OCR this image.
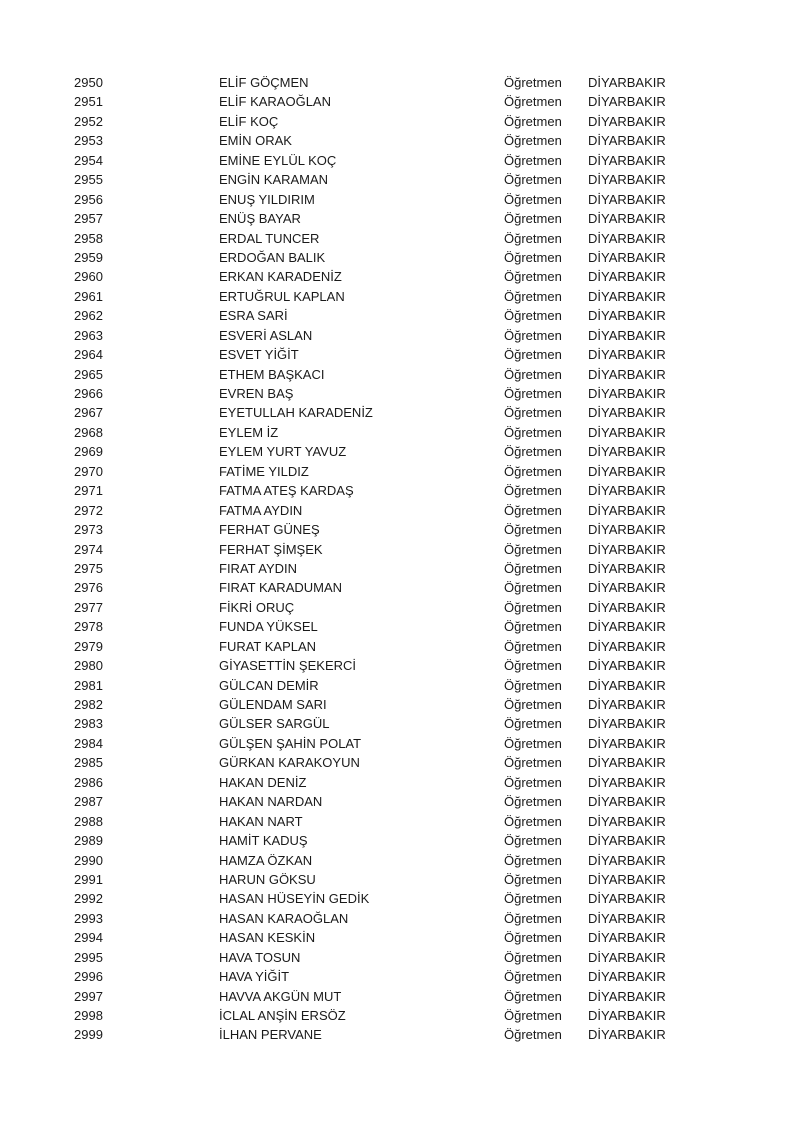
2950	ELİF GÖÇMEN	Öğretmen DİYARBAKIR
2951	ELİF KARAOĞLAN	Öğretmen DİYARBAKIR
2952	ELİF KOÇ	Öğretmen DİYARBAKIR
2953	EMİN ORAK	Öğretmen DİYARBAKIR
2954	EMİNE EYLÜL KOÇ	Öğretmen DİYARBAKIR
2955	ENGİN KARAMAN	Öğretmen DİYARBAKIR
2956	ENUŞ YILDIRIM	Öğretmen DİYARBAKIR
2957	ENÜŞ BAYAR	Öğretmen DİYARBAKIR
2958	ERDAL TUNCER	Öğretmen DİYARBAKIR
2959	ERDOĞAN BALIK	Öğretmen DİYARBAKIR
2960	ERKAN KARADENİZ	Öğretmen DİYARBAKIR
2961	ERTUĞRUL KAPLAN	Öğretmen DİYARBAKIR
2962	ESRA SARİ	Öğretmen DİYARBAKIR
2963	ESVERİ ASLAN	Öğretmen DİYARBAKIR
2964	ESVET YİĞİT	Öğretmen DİYARBAKIR
2965	ETHEM BAŞKACI	Öğretmen DİYARBAKIR
2966	EVREN BAŞ	Öğretmen DİYARBAKIR
2967	EYETULLAH KARADENİZ	Öğretmen DİYARBAKIR
2968	EYLEM İZ	Öğretmen DİYARBAKIR
2969	EYLEM YURT YAVUZ	Öğretmen DİYARBAKIR
2970	FATİME YILDIZ	Öğretmen DİYARBAKIR
2971	FATMA ATEŞ KARDAŞ	Öğretmen DİYARBAKIR
2972	FATMA AYDIN	Öğretmen DİYARBAKIR
2973	FERHAT GÜNEŞ	Öğretmen DİYARBAKIR
2974	FERHAT ŞİMŞEK	Öğretmen DİYARBAKIR
2975	FIRAT AYDIN	Öğretmen DİYARBAKIR
2976	FIRAT KARADUMAN	Öğretmen DİYARBAKIR
2977	FİKRİ ORUÇ	Öğretmen DİYARBAKIR
2978	FUNDA YÜKSEL	Öğretmen DİYARBAKIR
2979	FURAT KAPLAN	Öğretmen DİYARBAKIR
2980	GİYASETTİN ŞEKERCİ	Öğretmen DİYARBAKIR
2981	GÜLCAN DEMİR	Öğretmen DİYARBAKIR
2982	GÜLENDAM SARI	Öğretmen DİYARBAKIR
2983	GÜLSER SARGÜL	Öğretmen DİYARBAKIR
2984	GÜLŞEN ŞAHİN POLAT	Öğretmen DİYARBAKIR
2985	GÜRKAN KARAKOYUN	Öğretmen DİYARBAKIR
2986	HAKAN DENİZ	Öğretmen DİYARBAKIR
2987	HAKAN NARDAN	Öğretmen DİYARBAKIR
2988	HAKAN NART	Öğretmen DİYARBAKIR
2989	HAMİT KADUŞ	Öğretmen DİYARBAKIR
2990	HAMZA ÖZKAN	Öğretmen DİYARBAKIR
2991	HARUN GÖKSU	Öğretmen DİYARBAKIR
2992	HASAN HÜSEYİN GEDİK	Öğretmen DİYARBAKIR
2993	HASAN KARAOĞLAN	Öğretmen DİYARBAKIR
2994	HASAN KESKİN	Öğretmen DİYARBAKIR
2995	HAVA TOSUN	Öğretmen DİYARBAKIR
2996	HAVA YİĞİT	Öğretmen DİYARBAKIR
2997	HAVVA AKGÜN MUT	Öğretmen DİYARBAKIR
2998	İCLAL ANŞİN ERSÖZ	Öğretmen DİYARBAKIR
2999	İLHAN PERVANE	Öğretmen DİYARBAKIR
